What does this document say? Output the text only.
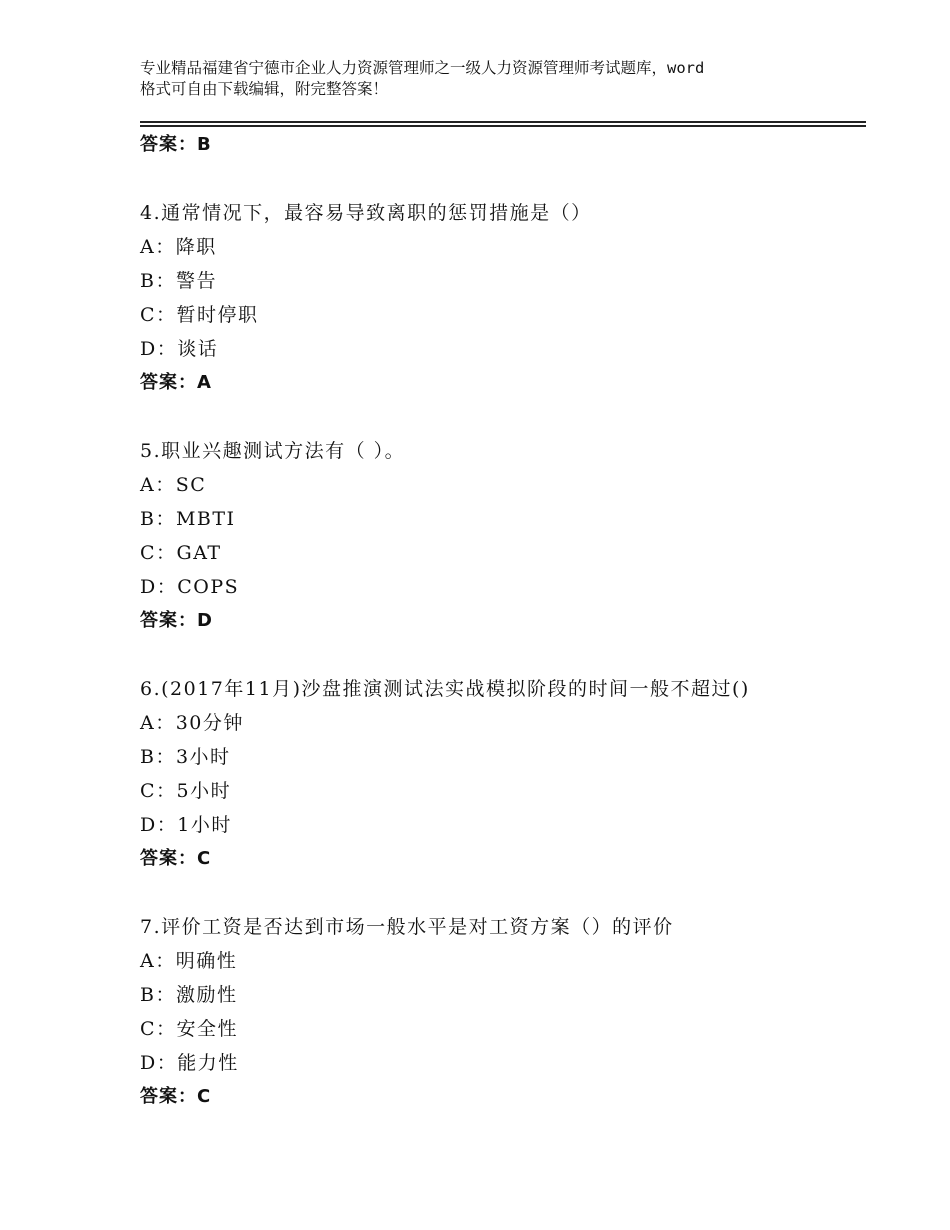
专业精品福建省宁德市企业人力资源管理师之一级人力资源管理师考试题库，word
格式可自由下载编辑，附完整答案！
答案：B
4.通常情况下，最容易导致离职的惩罚措施是（）
A：降职
B：警告
C：暂时停职
D：谈话
答案：A
5.职业兴趣测试方法有（ ）。
A：SC
B：MBTI
C：GAT
D：COPS
答案：D
6.(2017年11月)沙盘推演测试法实战模拟阶段的时间一般不超过()
A：30分钟
B：3小时
C：5小时
D：1小时
答案：C
7.评价工资是否达到市场一般水平是对工资方案（）的评价
A：明确性
B：激励性
C：安全性
D：能力性
答案：C
